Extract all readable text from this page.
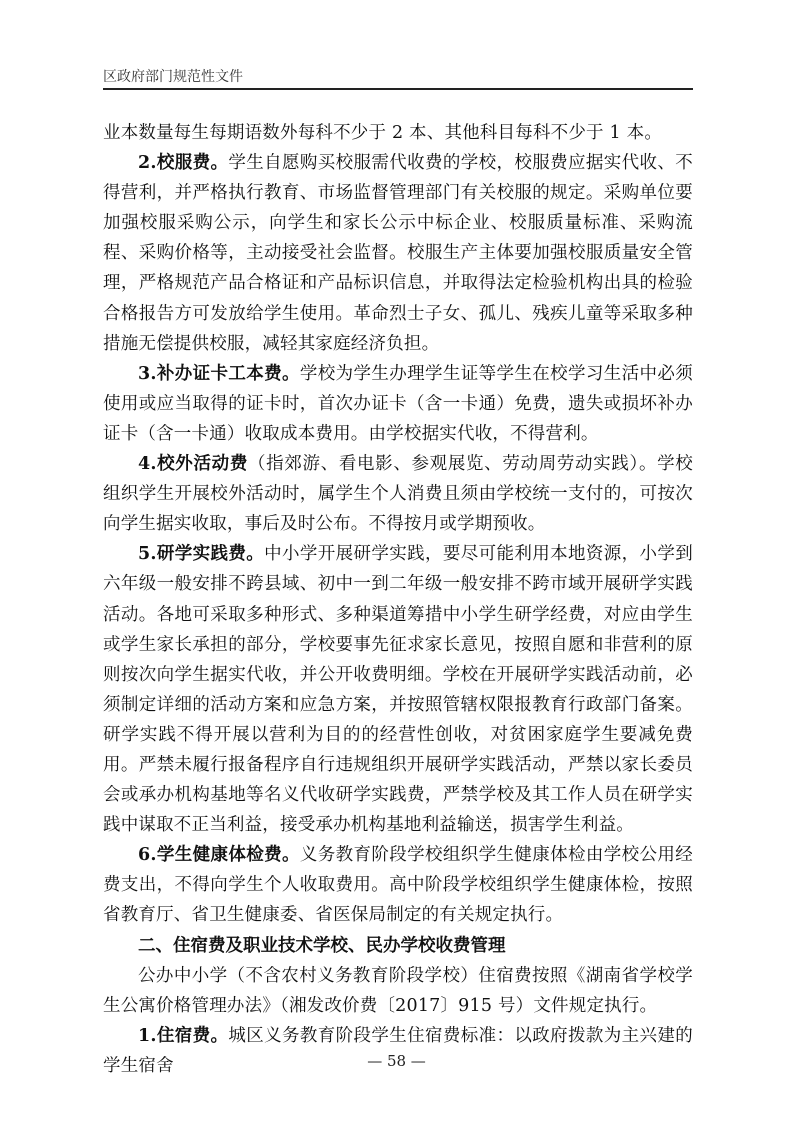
区政府部门规范性文件

业本数量每生每期语数外每科不少于 2 本、其他科目每科不少于 1 本。

2.校服费。学生自愿购买校服需代收费的学校，校服费应据实代收、不得营利，并严格执行教育、市场监督管理部门有关校服的规定。采购单位要加强校服采购公示，向学生和家长公示中标企业、校服质量标准、采购流程、采购价格等，主动接受社会监督。校服生产主体要加强校服质量安全管理，严格规范产品合格证和产品标识信息，并取得法定检验机构出具的检验合格报告方可发放给学生使用。革命烈士子女、孤儿、残疾儿童等采取多种措施无偿提供校服，减轻其家庭经济负担。

3.补办证卡工本费。学校为学生办理学生证等学生在校学习生活中必须使用或应当取得的证卡时，首次办证卡（含一卡通）免费，遗失或损坏补办证卡（含一卡通）收取成本费用。由学校据实代收，不得营利。

4.校外活动费（指郊游、看电影、参观展览、劳动周劳动实践）。学校组织学生开展校外活动时，属学生个人消费且须由学校统一支付的，可按次向学生据实收取，事后及时公布。不得按月或学期预收。

5.研学实践费。中小学开展研学实践，要尽可能利用本地资源，小学到六年级一般安排不跨县域、初中一到二年级一般安排不跨市域开展研学实践活动。各地可采取多种形式、多种渠道筹措中小学生研学经费，对应由学生或学生家长承担的部分，学校要事先征求家长意见，按照自愿和非营利的原则按次向学生据实代收，并公开收费明细。学校在开展研学实践活动前，必须制定详细的活动方案和应急方案，并按照管辖权限报教育行政部门备案。研学实践不得开展以营利为目的的经营性创收，对贫困家庭学生要减免费用。严禁未履行报备程序自行违规组织开展研学实践活动，严禁以家长委员会或承办机构基地等名义代收研学实践费，严禁学校及其工作人员在研学实践中谋取不正当利益，接受承办机构基地利益输送，损害学生利益。

6.学生健康体检费。义务教育阶段学校组织学生健康体检由学校公用经费支出，不得向学生个人收取费用。高中阶段学校组织学生健康体检，按照省教育厅、省卫生健康委、省医保局制定的有关规定执行。

二、住宿费及职业技术学校、民办学校收费管理

公办中小学（不含农村义务教育阶段学校）住宿费按照《湖南省学校学生公寓价格管理办法》（湘发改价费〔2017〕915 号）文件规定执行。

1.住宿费。城区义务教育阶段学生住宿费标准：以政府拨款为主兴建的学生宿舍	— 58 —
